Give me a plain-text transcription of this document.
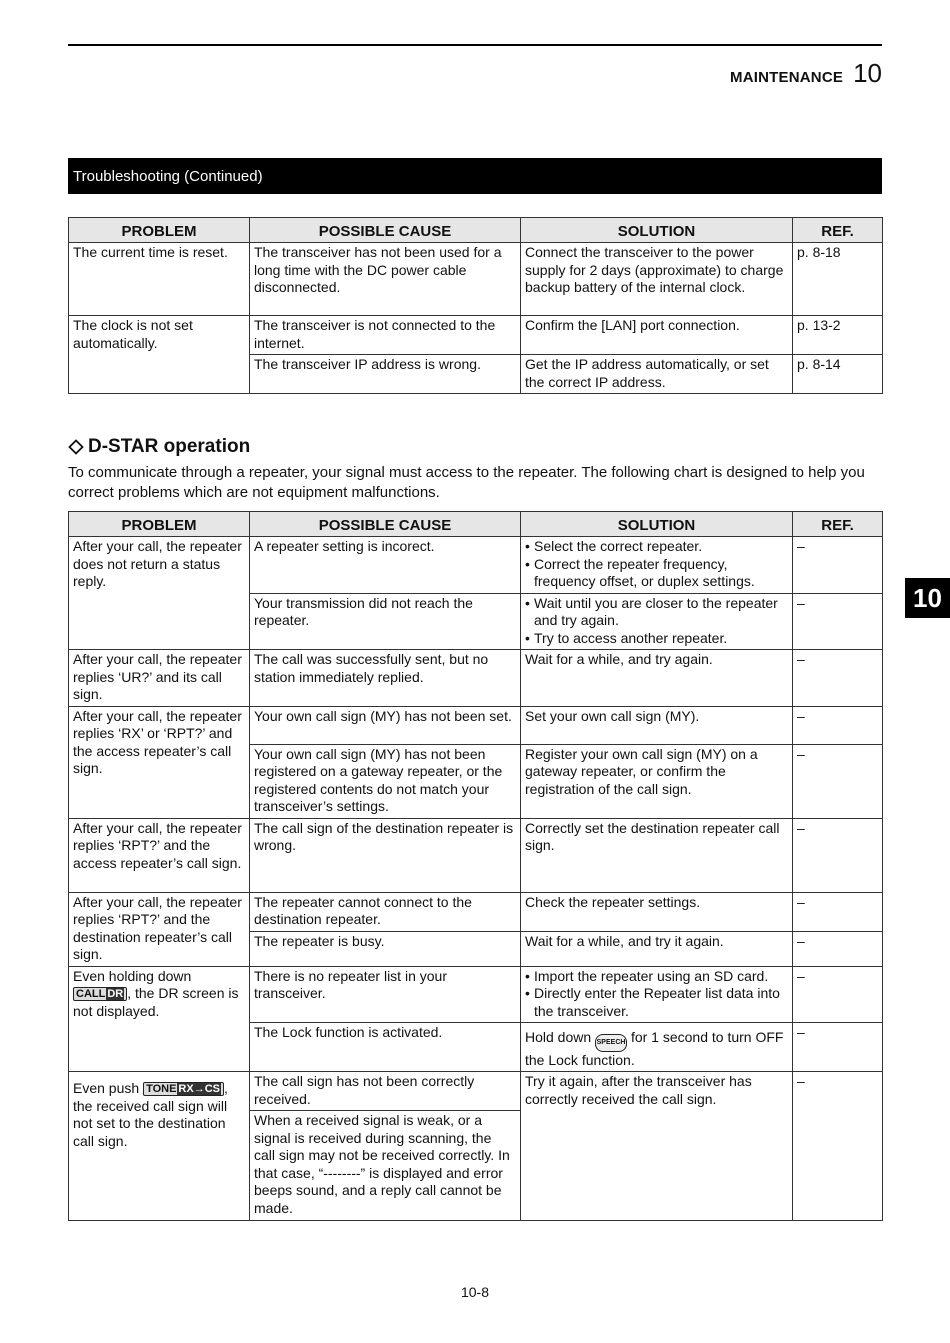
MAINTENANCE 10
Troubleshooting (Continued)
PROBLEM	POSSIBLE CAUSE	SOLUTION	REF.
The current time is reset.	The transceiver has not been used for a long time with the DC power cable disconnected.	Connect the transceiver to the power supply for 2 days (approximate) to charge backup battery of the internal clock.	p. 8-18
The clock is not set automatically.	The transceiver is not connected to the internet.	Confirm the [LAN] port connection.	p. 13-2
	The transceiver IP address is wrong.	Get the IP address automatically, or set the correct IP address.	p. 8-14
D-STAR operation
To communicate through a repeater, your signal must access to the repeater. The following chart is designed to help you correct problems which are not equipment malfunctions.
PROBLEM	POSSIBLE CAUSE	SOLUTION	REF.
After your call, the repeater does not return a status reply.	A repeater setting is incorect.	• Select the correct repeater.
• Correct the repeater frequency, frequency offset, or duplex settings.	–
	Your transmission did not reach the repeater.	• Wait until you are closer to the repeater and try again.
• Try to access another repeater.	–
After your call, the repeater replies ‘UR?’ and its call sign.	The call was successfully sent, but no station immediately replied.	Wait for a while, and try again.	–
After your call, the repeater replies ‘RX’ or ‘RPT?’ and the access repeater’s call sign.	Your own call sign (MY) has not been set.	Set your own call sign (MY).	–
	Your own call sign (MY) has not been registered on a gateway repeater, or the registered contents do not match your transceiver’s settings.	Register your own call sign (MY) on a gateway repeater, or confirm the registration of the call sign.	–
After your call, the repeater replies ‘RPT?’ and the access repeater’s call sign.	The call sign of the destination repeater is wrong.	Correctly set the destination repeater call sign.	–
After your call, the repeater replies ‘RPT?’ and the destination repeater’s call sign.	The repeater cannot connect to the destination repeater.	Check the repeater settings.	–
	The repeater is busy.	Wait for a while, and try it again.	–
Even holding down CALL DR , the DR screen is not displayed.	There is no repeater list in your transceiver.	• Import the repeater using an SD card.
• Directly enter the Repeater list data into the transceiver.	–
	The Lock function is activated.	Hold down SPEECH for 1 second to turn OFF the Lock function.	–
Even push TONE RX→CS , the received call sign will not set to the destination call sign.	The call sign has not been correctly received.	Try it again, after the transceiver has correctly received the call sign.	–
	When a received signal is weak, or a signal is received during scanning, the call sign may not be received correctly. In that case, “--------” is displayed and error beeps sound, and a reply call cannot be made.		
10
10-8
